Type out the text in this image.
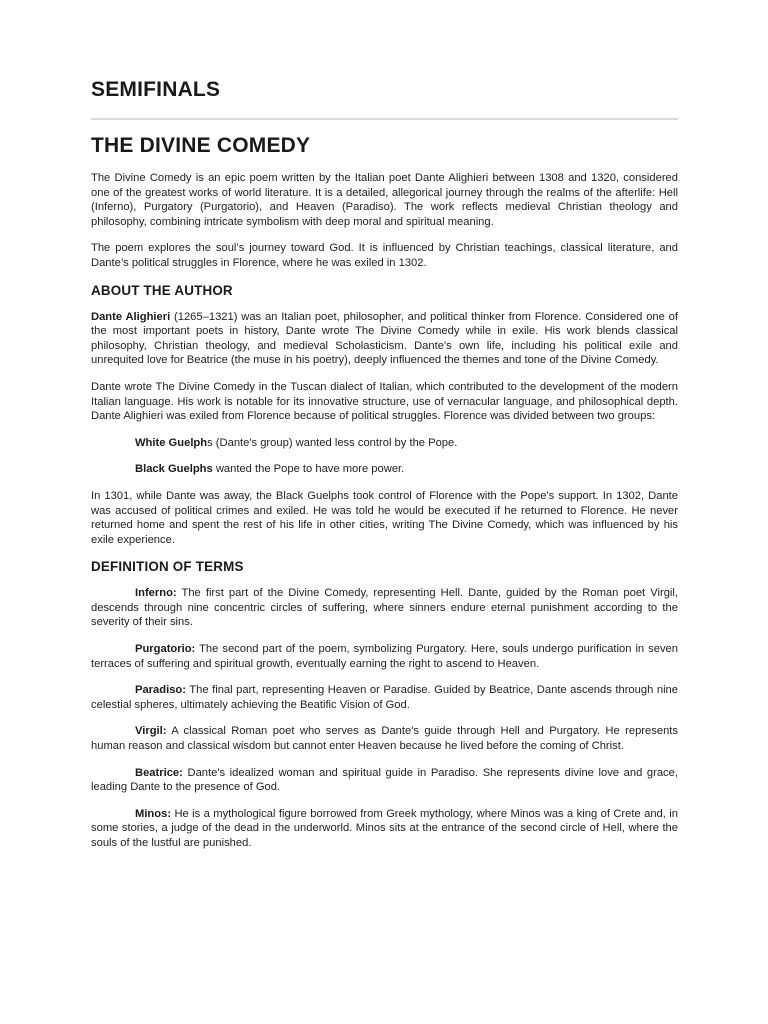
SEMIFINALS
THE DIVINE COMEDY

The Divine Comedy is an epic poem written by the Italian poet Dante Alighieri between 1308 and 1320, considered one of the greatest works of world literature. It is a detailed, allegorical journey through the realms of the afterlife: Hell (Inferno), Purgatory (Purgatorio), and Heaven (Paradiso). The work reflects medieval Christian theology and philosophy, combining intricate symbolism with deep moral and spiritual meaning.

The poem explores the soul’s journey toward God. It is influenced by Christian teachings, classical literature, and Dante’s political struggles in Florence, where he was exiled in 1302.

ABOUT THE AUTHOR

Dante Alighieri (1265–1321) was an Italian poet, philosopher, and political thinker from Florence. Considered one of the most important poets in history, Dante wrote The Divine Comedy while in exile. His work blends classical philosophy, Christian theology, and medieval Scholasticism. Dante's own life, including his political exile and unrequited love for Beatrice (the muse in his poetry), deeply influenced the themes and tone of the Divine Comedy.

Dante wrote The Divine Comedy in the Tuscan dialect of Italian, which contributed to the development of the modern Italian language. His work is notable for its innovative structure, use of vernacular language, and philosophical depth. Dante Alighieri was exiled from Florence because of political struggles. Florence was divided between two groups:

White Guelphs (Dante's group) wanted less control by the Pope.

Black Guelphs wanted the Pope to have more power.

In 1301, while Dante was away, the Black Guelphs took control of Florence with the Pope's support. In 1302, Dante was accused of political crimes and exiled. He was told he would be executed if he returned to Florence. He never returned home and spent the rest of his life in other cities, writing The Divine Comedy, which was influenced by his exile experience.

DEFINITION OF TERMS

Inferno: The first part of the Divine Comedy, representing Hell. Dante, guided by the Roman poet Virgil, descends through nine concentric circles of suffering, where sinners endure eternal punishment according to the severity of their sins.

Purgatorio: The second part of the poem, symbolizing Purgatory. Here, souls undergo purification in seven terraces of suffering and spiritual growth, eventually earning the right to ascend to Heaven.

Paradiso: The final part, representing Heaven or Paradise. Guided by Beatrice, Dante ascends through nine celestial spheres, ultimately achieving the Beatific Vision of God.

Virgil: A classical Roman poet who serves as Dante's guide through Hell and Purgatory. He represents human reason and classical wisdom but cannot enter Heaven because he lived before the coming of Christ.

Beatrice: Dante's idealized woman and spiritual guide in Paradiso. She represents divine love and grace, leading Dante to the presence of God.

Minos: He is a mythological figure borrowed from Greek mythology, where Minos was a king of Crete and, in some stories, a judge of the dead in the underworld. Minos sits at the entrance of the second circle of Hell, where the souls of the lustful are punished.
